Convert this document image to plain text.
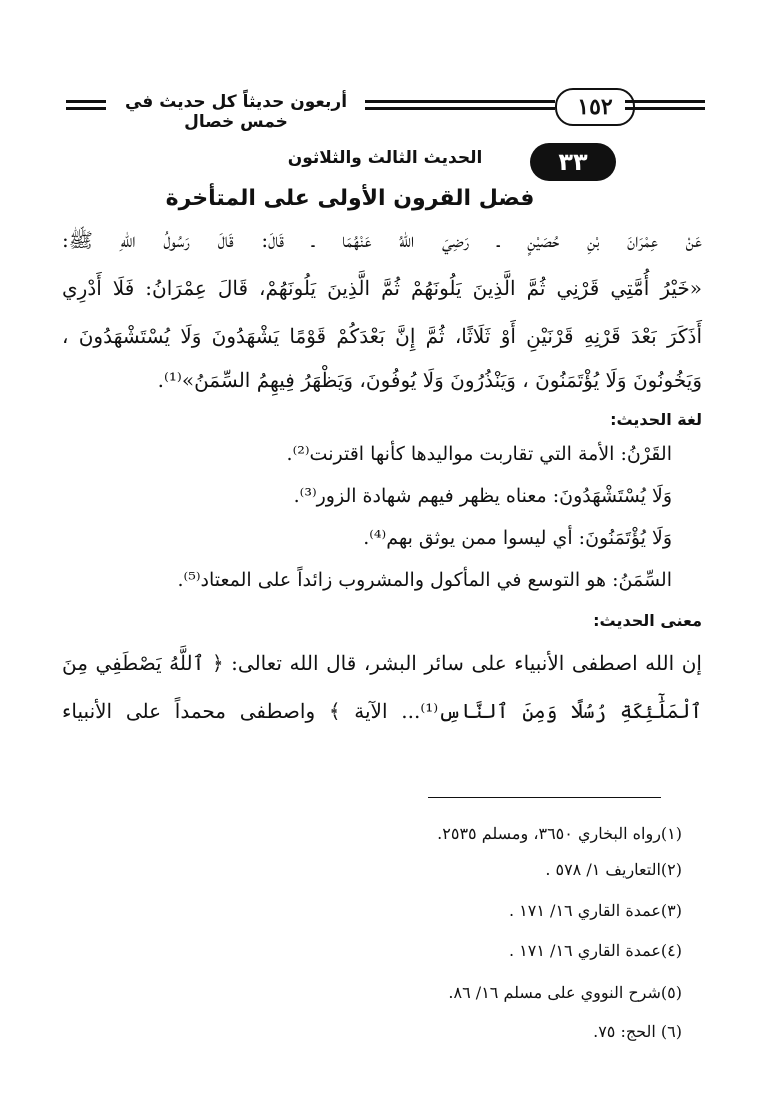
أربعون حديثاً كل حديث في خمس خصال
١٥٢
٣٣
الحديث الثالث والثلاثون
فضل القرون الأولى على المتأخرة
عَنْ عِمْرَانَ بْنِ حُصَيْنٍ ـ رَضِيَ اللهُ عَنْهُمَا ـ قَالَ: قَالَ رَسُولُ اللهِ ﷺ:
«خَيْرُ أُمَّتِي قَرْنِي ثُمَّ الَّذِينَ يَلُونَهُمْ ثُمَّ الَّذِينَ يَلُونَهُمْ، قَالَ عِمْرَانُ: فَلَا أَدْرِي
أَذَكَرَ بَعْدَ قَرْنِهِ قَرْنَيْنِ أَوْ ثَلَاثًا، ثُمَّ إِنَّ بَعْدَكُمْ قَوْمًا يَشْهَدُونَ وَلَا يُسْتَشْهَدُونَ ،
وَيَخُونُونَ وَلَا يُؤْتَمَنُونَ ، وَيَنْذُرُونَ وَلَا يُوفُونَ، وَيَظْهَرُ فِيهِمُ السِّمَنُ»⁽¹⁾.
لغة الحديث:
القَرْنُ: الأمة التي تقاربت مواليدها كأنها اقترنت⁽²⁾.
وَلَا يُسْتَشْهَدُونَ: معناه يظهر فيهم شهادة الزور⁽³⁾.
وَلَا يُؤْتَمَنُونَ: أي ليسوا ممن يوثق بهم⁽⁴⁾.
السِّمَنُ: هو التوسع في المأكول والمشروب زائداً على المعتاد⁽⁵⁾.
معنى الحديث:
إن الله اصطفى الأنبياء على سائر البشر، قال الله تعالى: ﴿ ٱللَّهُ يَصْطَفِي مِنَ
ٱلْمَلَٰٓئِكَةِ رُسُلًا وَمِنَ ٱلنَّاسِ⁽¹⁾... الآية ﴾ واصطفى محمداً على الأنبياء
(١)رواه البخاري ٣٦٥٠، ومسلم ٢٥٣٥.
(٢)التعاريف ١/ ٥٧٨ .
(٣)عمدة القاري ١٦/ ١٧١ .
(٤)عمدة القاري ١٦/ ١٧١ .
(٥)شرح النووي على مسلم ١٦/ ٨٦.
(٦) الحج: ٧٥.
